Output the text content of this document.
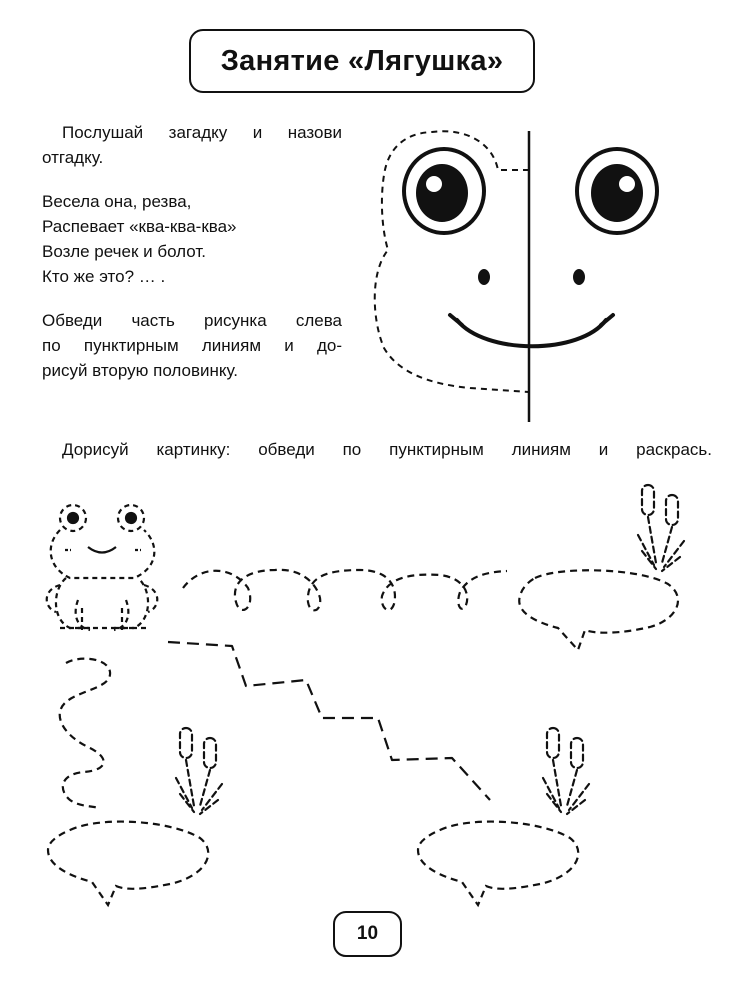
Занятие «Лягушка»

Послушай загадку и назови

отгадку.

Весела она, резва,

Распевает «ква-ква-ква»

Возле речек и болот.

Кто же это? … .

Обведи часть рисунка слева

по пунктирным линиям и до-

рисуй вторую половинку.

Дорисуй картинку: обведи по пунктирным линиям и раскрась.
10
